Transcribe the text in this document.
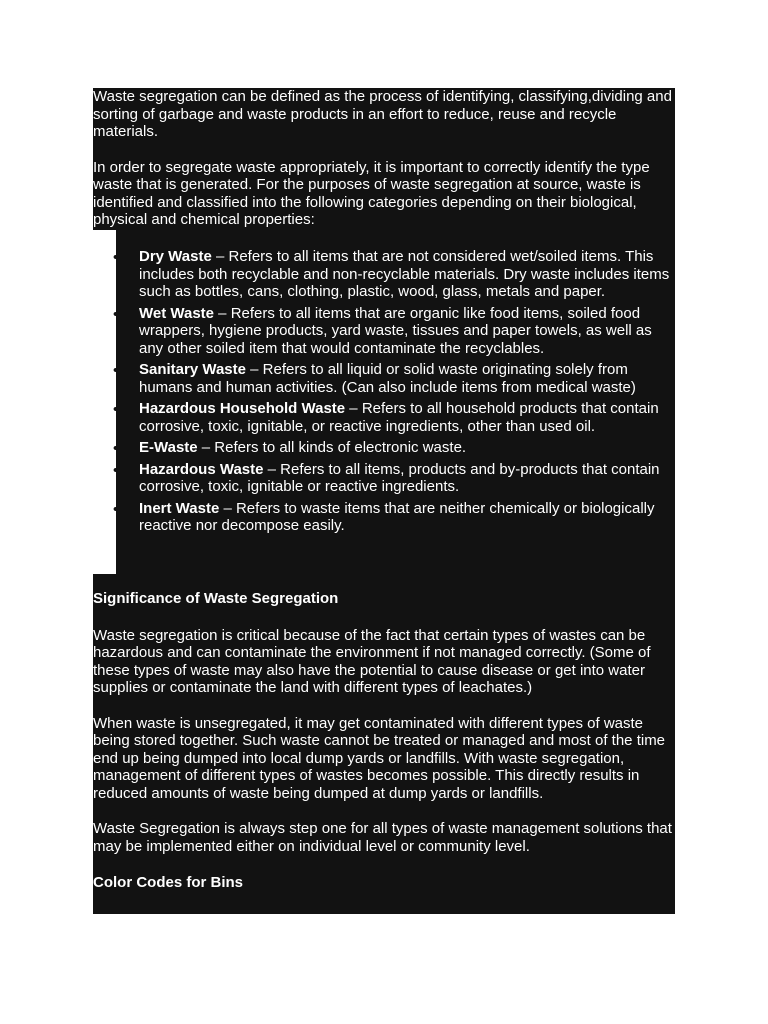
Waste segregation can be defined as the process of identifying, classifying,dividing and sorting of garbage and waste products in an effort to reduce, reuse and recycle materials.

In order to segregate waste appropriately, it is important to correctly identify the type waste that is generated. For the purposes of waste segregation at source, waste is identified and classified into the following categories depending on their biological, physical and chemical properties:

• Dry Waste – Refers to all items that are not considered wet/soiled items. This includes both recyclable and non-recyclable materials. Dry waste includes items such as bottles, cans, clothing, plastic, wood, glass, metals and paper.
• Wet Waste – Refers to all items that are organic like food items, soiled food wrappers, hygiene products, yard waste, tissues and paper towels, as well as any other soiled item that would contaminate the recyclables.
• Sanitary Waste – Refers to all liquid or solid waste originating solely from humans and human activities. (Can also include items from medical waste)
• Hazardous Household Waste – Refers to all household products that contain corrosive, toxic, ignitable, or reactive ingredients, other than used oil.
• E-Waste – Refers to all kinds of electronic waste.
• Hazardous Waste – Refers to all items, products and by-products that contain corrosive, toxic, ignitable or reactive ingredients.
• Inert Waste – Refers to waste items that are neither chemically or biologically reactive nor decompose easily.

Significance of Waste Segregation

Waste segregation is critical because of the fact that certain types of wastes can be hazardous and can contaminate the environment if not managed correctly. (Some of these types of waste may also have the potential to cause disease or get into water supplies or contaminate the land with different types of leachates.)

When waste is unsegregated, it may get contaminated with different types of waste being stored together. Such waste cannot be treated or managed and most of the time end up being dumped into local dump yards or landfills. With waste segregation, management of different types of wastes becomes possible. This directly results in reduced amounts of waste being dumped at dump yards or landfills.

Waste Segregation is always step one for all types of waste management solutions that may be implemented either on individual level or community level.

Color Codes for Bins
